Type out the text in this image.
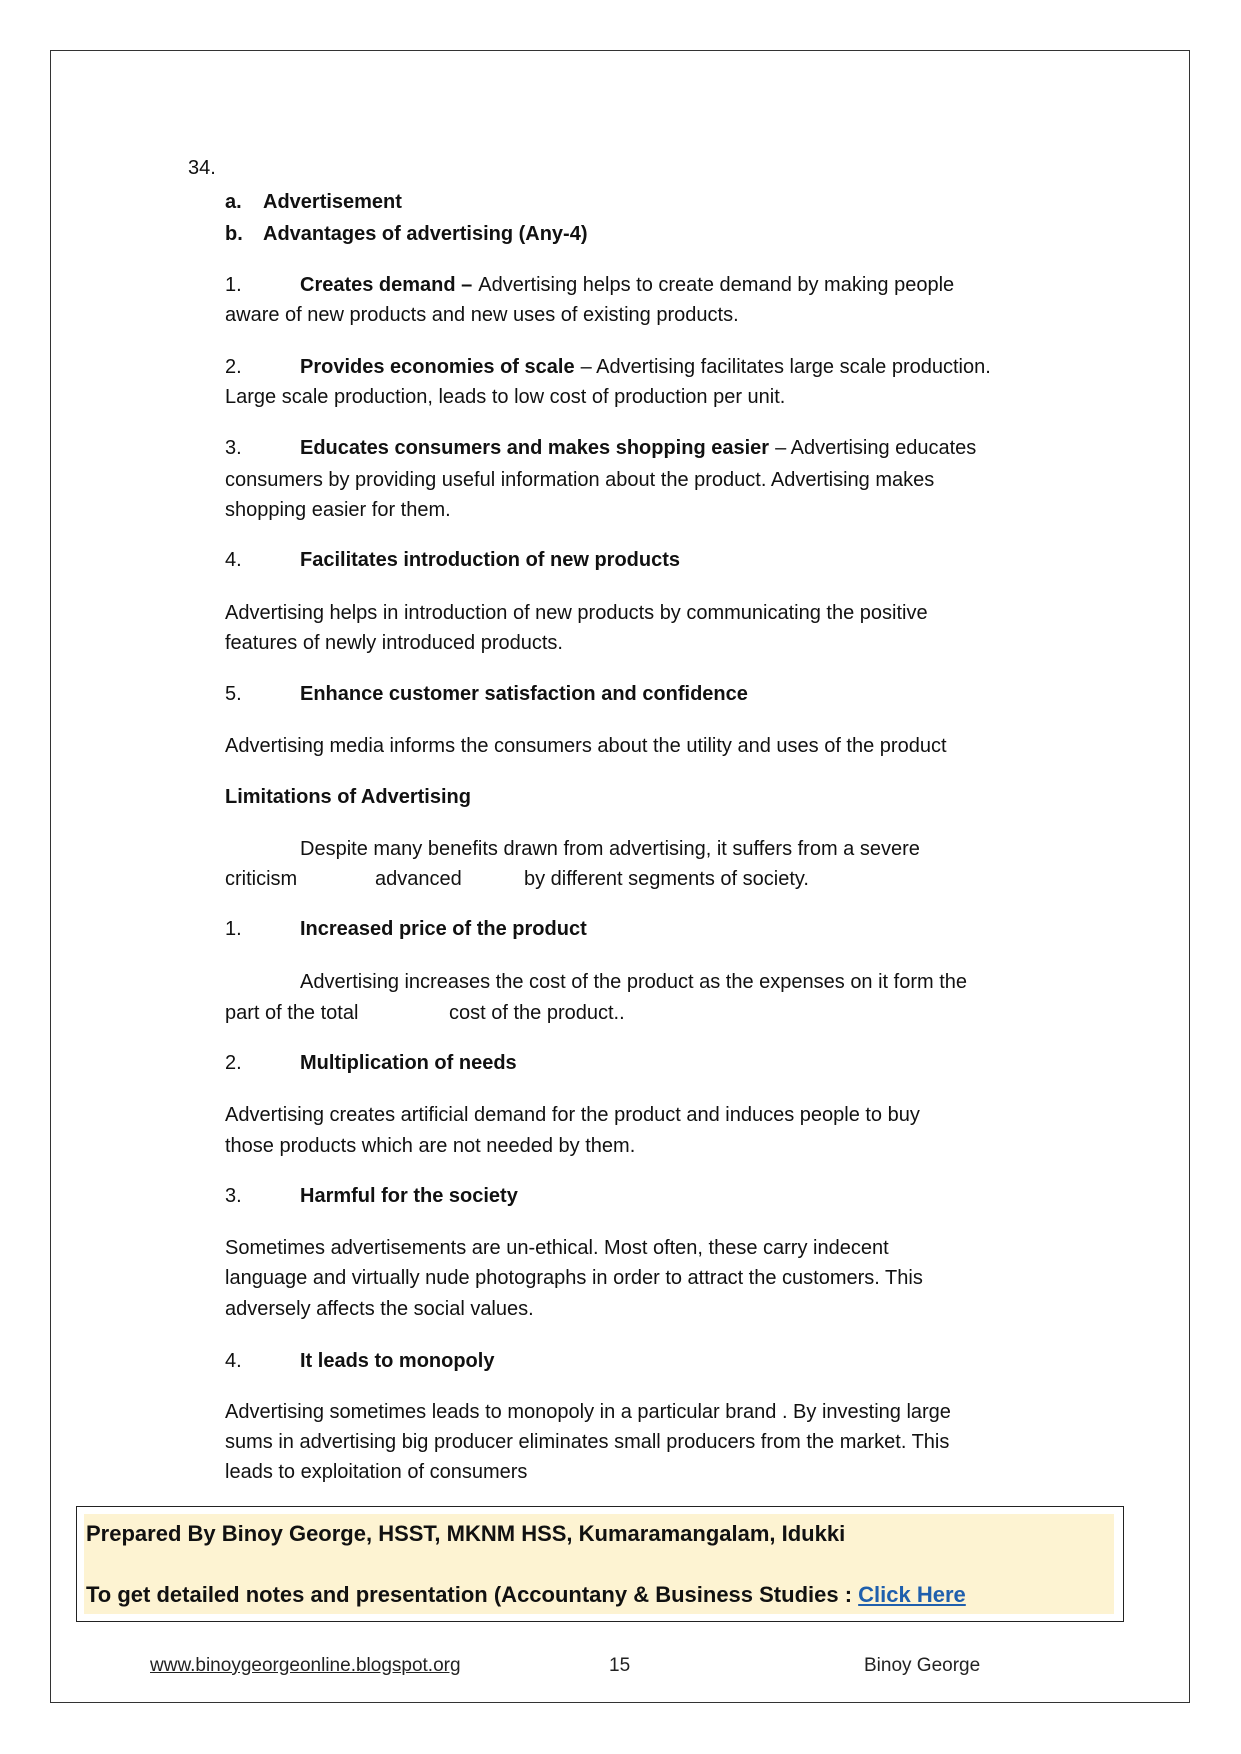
34.
a. Advertisement
b. Advantages of advertising (Any-4)
1.	Creates demand – Advertising helps to create demand by making people
aware of new products and new uses of existing products.
2.	Provides economies of scale – Advertising facilitates large scale production.
Large scale production, leads to low cost of production per unit.
3.	Educates consumers and makes shopping easier – Advertising educates
consumers by providing useful information about the product. Advertising makes
shopping easier for them.
4.	Facilitates introduction of new products
Advertising helps in introduction of new products by communicating the positive
features of newly introduced products.
5.	Enhance customer satisfaction and confidence
Advertising media informs the consumers about the utility and uses of the product
Limitations of Advertising
Despite many benefits drawn from advertising, it suffers from a severe
criticism	advanced	by different segments of society.
1.	Increased price of the product
Advertising increases the cost of the product as the expenses on it form the
part of the total	cost of the product..
2.	Multiplication of needs
Advertising creates artificial demand for the product and induces people to buy
those products which are not needed by them.
3.	Harmful for the society
Sometimes advertisements are un-ethical. Most often, these carry indecent
language and virtually nude photographs in order to attract the customers. This
adversely affects the social values.
4.	It leads to monopoly
Advertising sometimes leads to monopoly in a particular brand . By investing large
sums in advertising big producer eliminates small producers from the market. This
leads to exploitation of consumers
Prepared By Binoy George, HSST, MKNM HSS, Kumaramangalam, Idukki
To get detailed notes and presentation (Accountany & Business Studies : Click Here
www.binoygeorgeonline.blogspot.org	15	Binoy George
